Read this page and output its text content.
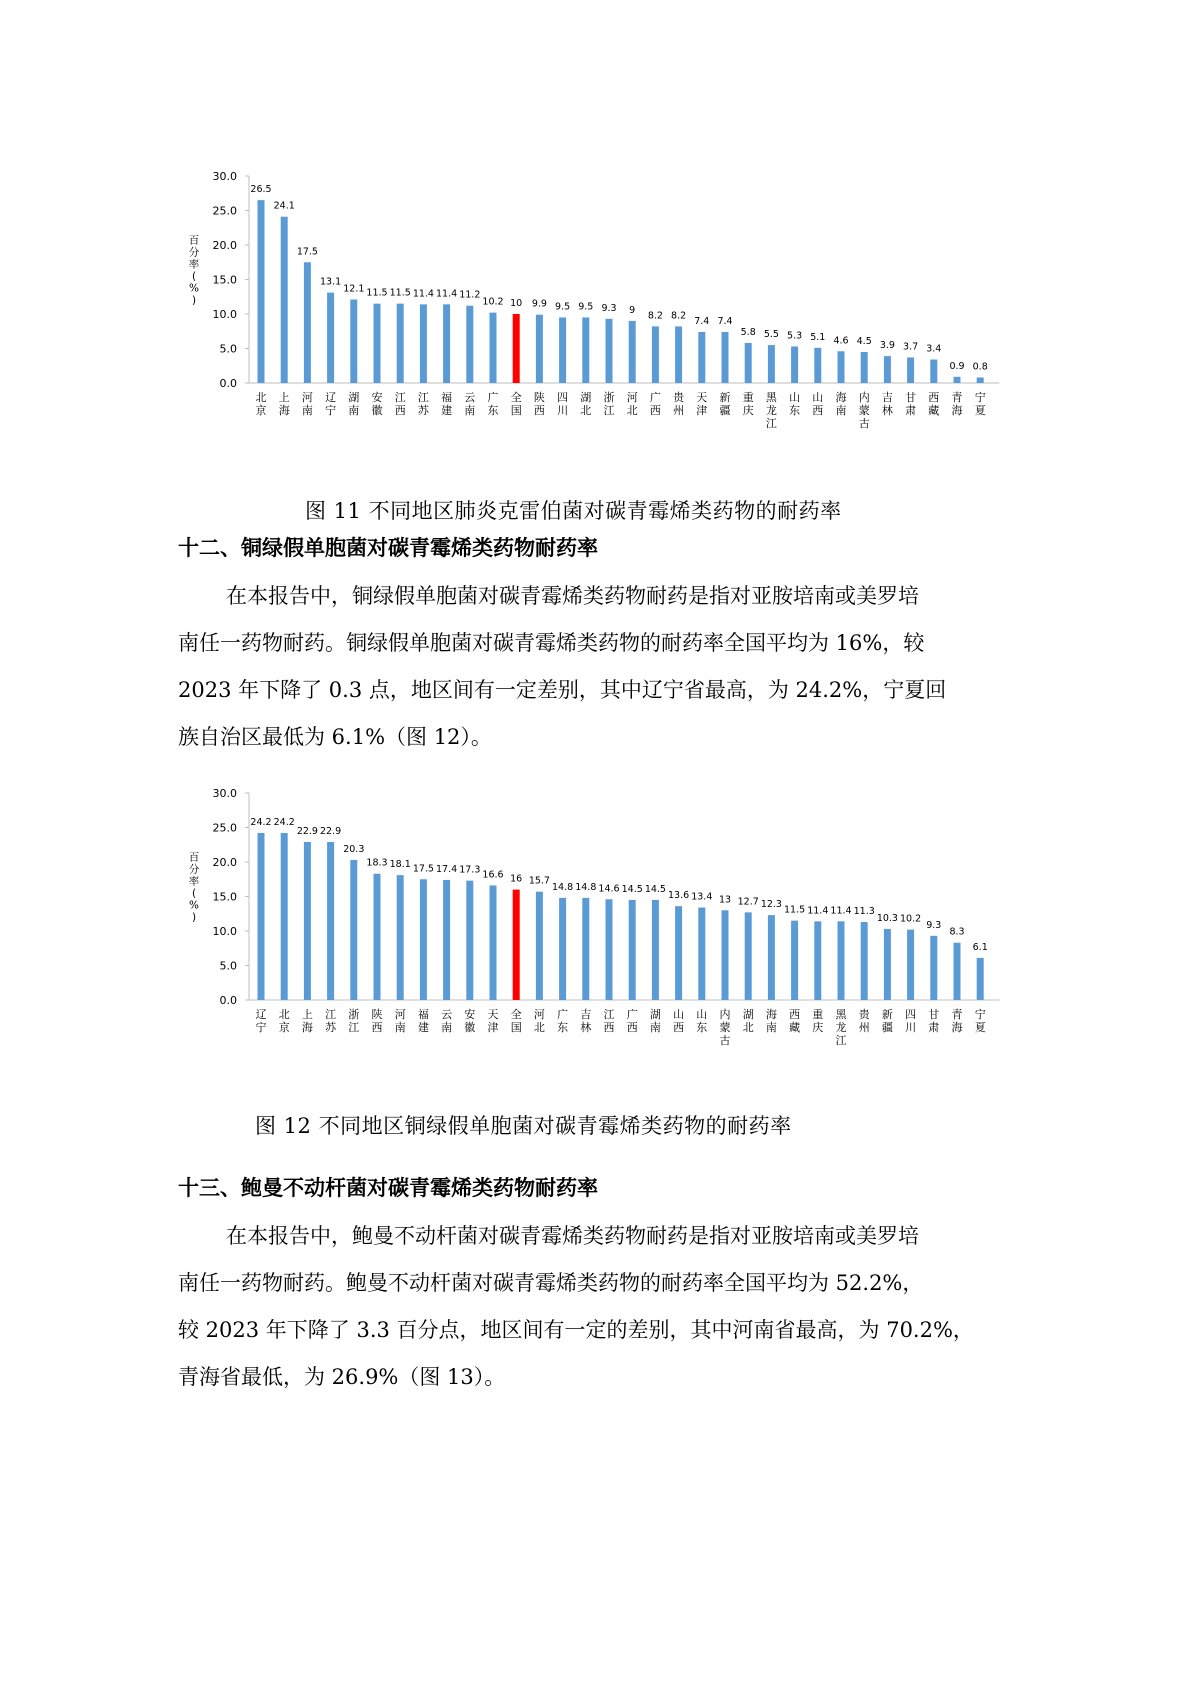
0.0
5.0
10.0
15.0
20.0
25.0
30.0
百
分
率
(
%
)
26.5
北
京
24.1
上
海
17.5
河
南
13.1
辽
宁
12.1
湖
南
11.5
安
徽
11.5
江
西
11.4
江
苏
11.4
福
建
11.2
云
南
10.2
广
东
10
全
国
9.9
陕
西
9.5
四
川
9.5
湖
北
9.3
浙
江
9
河
北
8.2
广
西
8.2
贵
州
7.4
天
津
7.4
新
疆
5.8
重
庆
5.5
黑
龙
江
5.3
山
东
5.1
山
西
4.6
海
南
4.5
内
蒙
古
3.9
吉
林
3.7
甘
肃
3.4
西
藏
0.9
青
海
0.8
宁
夏
图 11 不同地区肺炎克雷伯菌对碳青霉烯类药物的耐药率
十二、铜绿假单胞菌对碳青霉烯类药物耐药率

在本报告中，铜绿假单胞菌对碳青霉烯类药物耐药是指对亚胺培南或美罗培
南任一药物耐药。铜绿假单胞菌对碳青霉烯类药物的耐药率全国平均为 16%，较
2023 年下降了 0.3 点，地区间有一定差别，其中辽宁省最高，为 24.2%，宁夏回
族自治区最低为 6.1%（图 12）。

0.0
5.0
10.0
15.0
20.0
25.0
30.0
百
分
率
(
%
)
24.2
辽
宁
24.2
北
京
22.9
上
海
22.9
江
苏
20.3
浙
江
18.3
陕
西
18.1
河
南
17.5
福
建
17.4
云
南
17.3
安
徽
16.6
天
津
16
全
国
15.7
河
北
14.8
广
东
14.8
吉
林
14.6
江
西
14.5
广
西
14.5
湖
南
13.6
山
西
13.4
山
东
13
内
蒙
古
12.7
湖
北
12.3
海
南
11.5
西
藏
11.4
重
庆
11.4
黑
龙
江
11.3
贵
州
10.3
新
疆
10.2
四
川
9.3
甘
肃
8.3
青
海
6.1
宁
夏
图 12 不同地区铜绿假单胞菌对碳青霉烯类药物的耐药率
十三、鲍曼不动杆菌对碳青霉烯类药物耐药率

在本报告中，鲍曼不动杆菌对碳青霉烯类药物耐药是指对亚胺培南或美罗培
南任一药物耐药。鲍曼不动杆菌对碳青霉烯类药物的耐药率全国平均为 52.2%，
较 2023 年下降了 3.3 百分点，地区间有一定的差别，其中河南省最高，为 70.2%，
青海省最低，为 26.9%（图 13）。
